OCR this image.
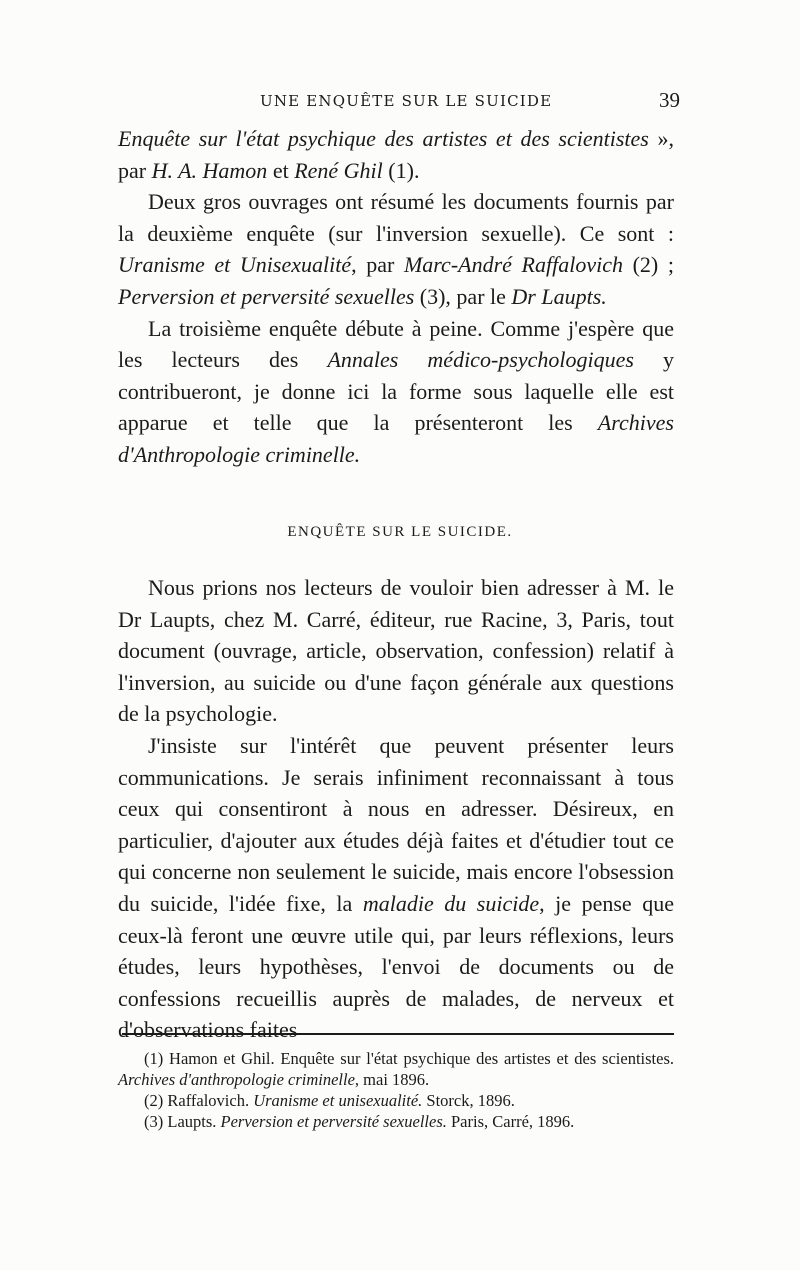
UNE ENQUÊTE SUR LE SUICIDE	39

Enquête sur l'état psychique des artistes et des scientistes », par H. A. Hamon et René Ghil (1).

Deux gros ouvrages ont résumé les documents fournis par la deuxième enquête (sur l'inversion sexuelle). Ce sont : Uranisme et Unisexualité, par Marc-André Raffalovich (2) ; Perversion et perversité sexuelles (3), par le Dr Laupts.

La troisième enquête débute à peine. Comme j'espère que les lecteurs des Annales médico-psychologiques y contribueront, je donne ici la forme sous laquelle elle est apparue et telle que la présenteront les Archives d'Anthropologie criminelle.

ENQUÊTE SUR LE SUICIDE.

Nous prions nos lecteurs de vouloir bien adresser à M. le Dr Laupts, chez M. Carré, éditeur, rue Racine, 3, Paris, tout document (ouvrage, article, observation, confession) relatif à l'inversion, au suicide ou d'une façon générale aux questions de la psychologie.

J'insiste sur l'intérêt que peuvent présenter leurs communications. Je serais infiniment reconnaissant à tous ceux qui consentiront à nous en adresser. Désireux, en particulier, d'ajouter aux études déjà faites et d'étudier tout ce qui concerne non seulement le suicide, mais encore l'obsession du suicide, l'idée fixe, la maladie du suicide, je pense que ceux-là feront une œuvre utile qui, par leurs réflexions, leurs études, leurs hypothèses, l'envoi de documents ou de confessions recueillis auprès de malades, de nerveux et d'observations faites

(1) Hamon et Ghil. Enquête sur l'état psychique des artistes et des scientistes. Archives d'anthropologie criminelle, mai 1896.

(2) Raffalovich. Uranisme et unisexualité. Storck, 1896.

(3) Laupts. Perversion et perversité sexuelles. Paris, Carré, 1896.
